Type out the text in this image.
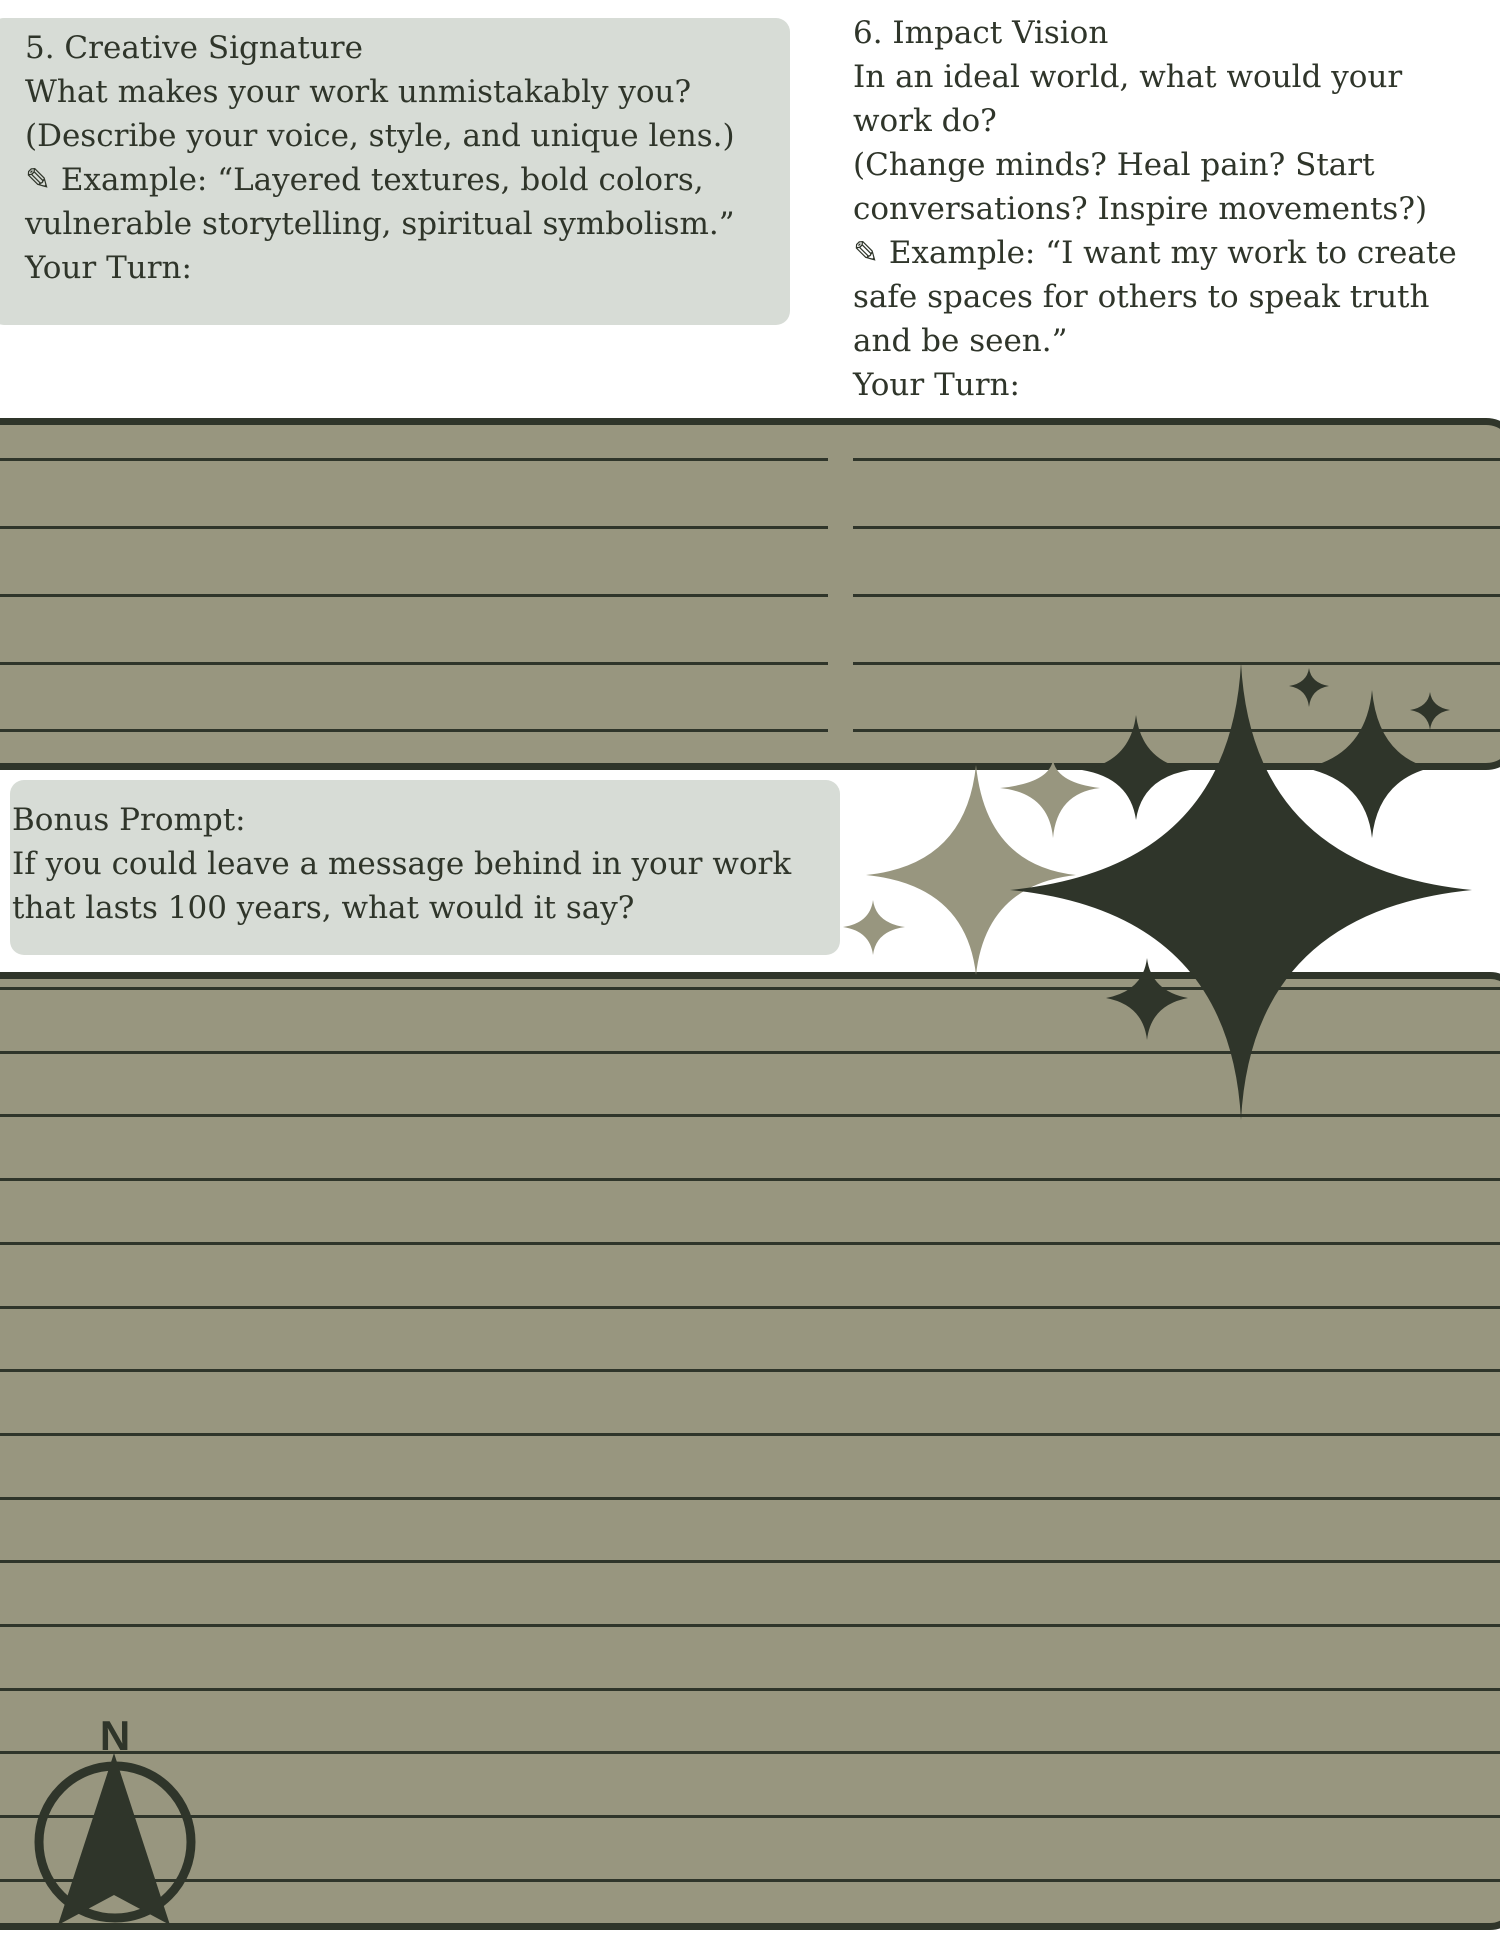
5. Creative Signature
What makes your work unmistakably you?
(Describe your voice, style, and unique lens.)
✎ Example: “Layered textures, bold colors, vulnerable storytelling, spiritual symbolism.”
Your Turn:
6. Impact Vision
In an ideal world, what would your work do?
(Change minds? Heal pain? Start conversations? Inspire movements?)
✎ Example: “I want my work to create safe spaces for others to speak truth and be seen.”
Your Turn:
Bonus Prompt:
If you could leave a message behind in your work that lasts 100 years, what would it say?
N
